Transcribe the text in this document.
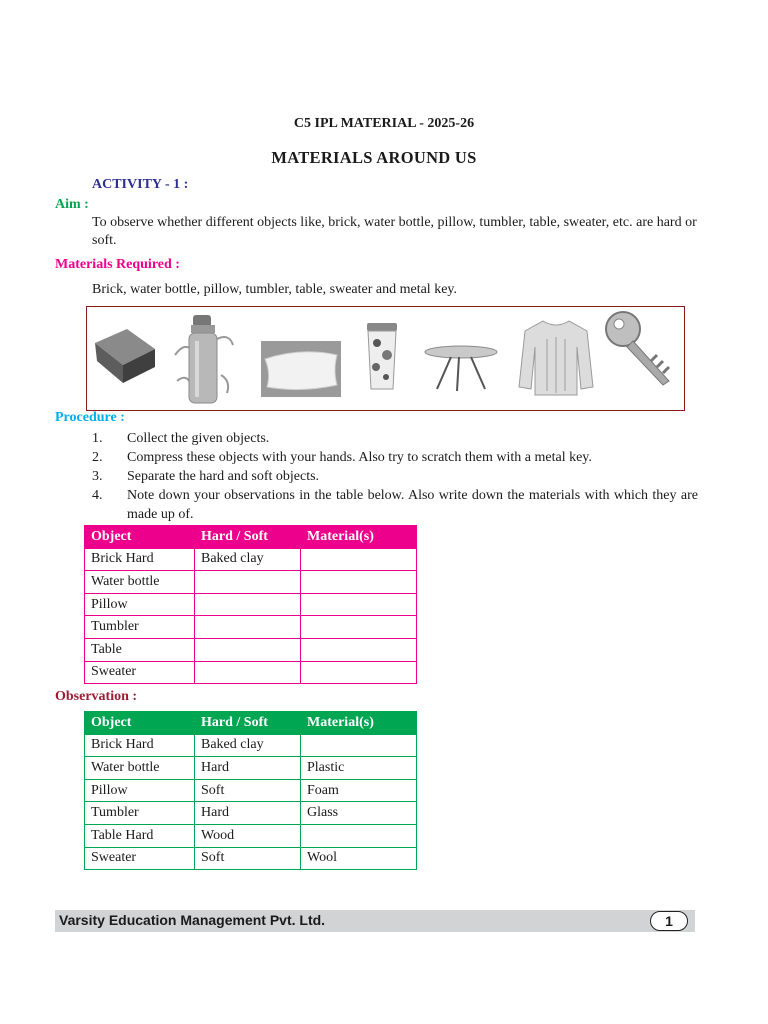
C5 IPL MATERIAL - 2025-26
MATERIALS AROUND US
ACTIVITY - 1 :
Aim :
To observe whether different objects like, brick, water bottle, pillow, tumbler, table, sweater, etc. are hard or soft.
Materials Required :
Brick, water bottle, pillow, tumbler, table, sweater and metal key.
Procedure :
1.	Collect the given objects.
2.	Compress these objects with your hands. Also try to scratch them with a metal key.
3.	Separate the hard and soft objects.
4.	Note down your observations in the table below. Also write down the materials with which they are made up of.
Object	Hard / Soft	Material(s)
Brick Hard	Baked clay	
Water bottle		
Pillow		
Tumbler		
Table		
Sweater		
Observation :
Object	Hard / Soft	Material(s)
Brick Hard	Baked clay	
Water bottle	Hard	Plastic
Pillow	Soft	Foam
Tumbler	Hard	Glass
Table Hard	Wood	
Sweater	Soft	Wool
Varsity Education Management Pvt. Ltd.	1
